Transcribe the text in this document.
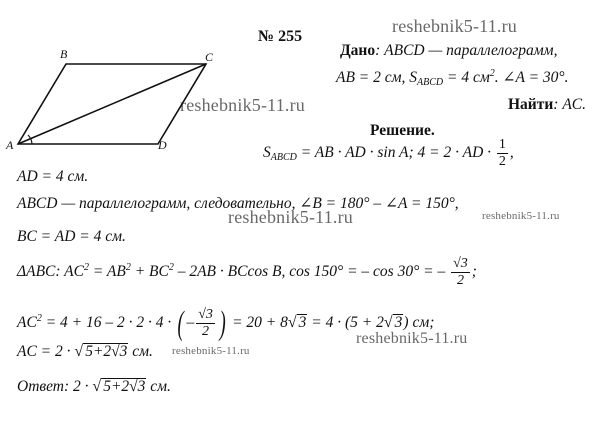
reshebnik5-11.ru
reshebnik5-11.ru
reshebnik5-11.ru
reshebnik5-11.ru
reshebnik5-11.ru
reshebnik5-11.ru
№ 255
A
B	C
D
Дано: ABCD — параллелограмм,
AB = 2 см, $S_{ABCD} = 4$ $см^2$. ∠A = 30°.
Найти: AC.
Решение.
$S_{ABCD}$ = AB · AD · sin A; 4 = 2 · AD · $\frac{1}{2}$ ,
AD = 4 см.
ABCD — параллелограмм, следовательно, ∠B = 180° – ∠A = 150°,
BC = AD = 4 см.
ΔABC: $AC^2 = AB^2 + BC^2 - 2AB \cdot BCcos$ B, cos 150° = – cos 30° = – $\frac{√3}{2}$ ;
$AC^2 = 4 + 16 - 2 \cdot 2 \cdot 4$ · ( – $\frac{√3}{2}$ ) = 20 + 8√ 3 = 4 · (5 + 2√ 3) см;
AC = 2 · √ 5+2√3 см.
Ответ: 2 · √ 5+2√3 см.
